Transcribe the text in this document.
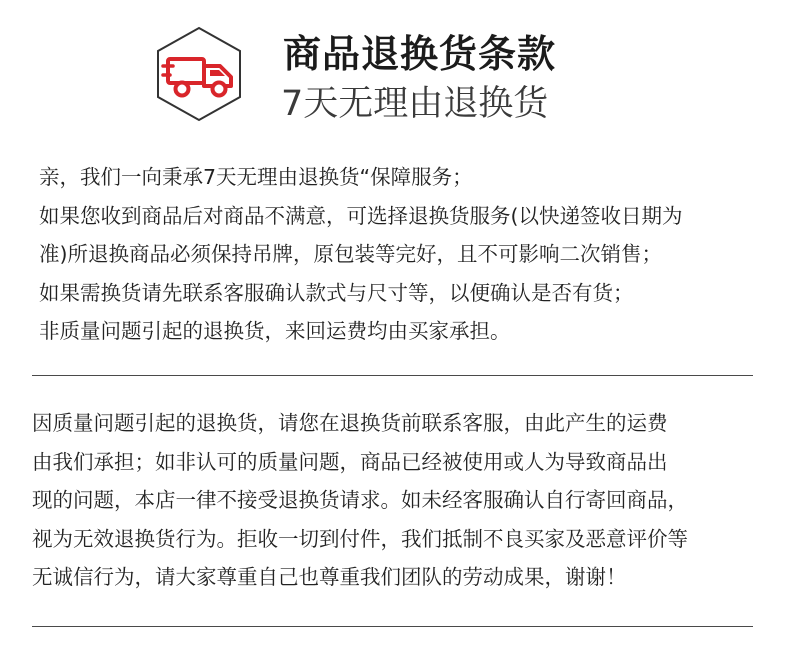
商品退换货条款
7天无理由退换货

亲，我们一向秉承7天无理由退换货“保障服务；

如果您收到商品后对商品不满意，可选择退换货服务(以快递签收日期为

准)所退换商品必须保持吊牌，原包装等完好，且不可影响二次销售；

如果需换货请先联系客服确认款式与尺寸等，以便确认是否有货；

非质量问题引起的退换货，来回运费均由买家承担。

因质量问题引起的退换货，请您在退换货前联系客服，由此产生的运费

由我们承担；如非认可的质量问题，商品已经被使用或人为导致商品出

现的问题，本店一律不接受退换货请求。如未经客服确认自行寄回商品，

视为无效退换货行为。拒收一切到付件，我们抵制不良买家及恶意评价等

无诚信行为，请大家尊重自己也尊重我们团队的劳动成果，谢谢！
